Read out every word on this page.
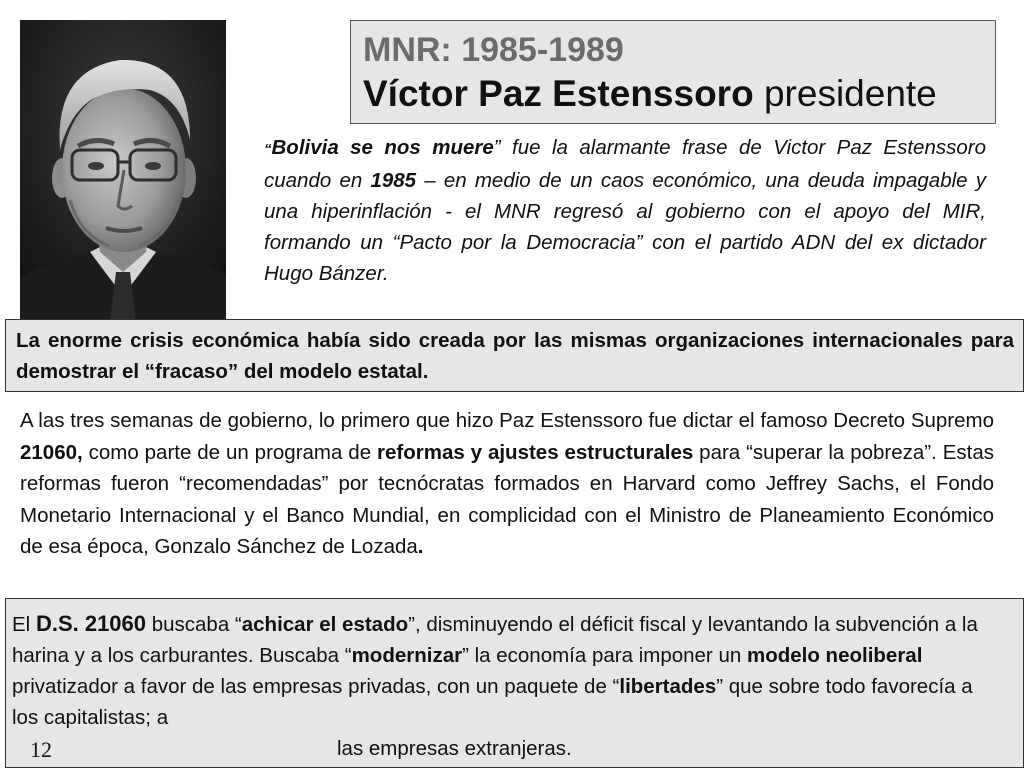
MNR: 1985-1989
Víctor Paz Estenssoro presidente

“Bolivia se nos muere” fue la alarmante frase de Victor Paz Estenssoro cuando en 1985 – en medio de un caos económico, una deuda impagable y una hiperinflación - el MNR regresó al gobierno con el apoyo del MIR, formando un “Pacto por la Democracia” con el partido ADN del ex dictador Hugo Bánzer.

La enorme crisis económica había sido creada por las mismas organizaciones internacionales para demostrar el “fracaso” del modelo estatal.

A las tres semanas de gobierno, lo primero que hizo Paz Estenssoro fue dictar el famoso Decreto Supremo 21060, como parte de un programa de reformas y ajustes estructurales para “superar la pobreza”. Estas reformas fueron “recomendadas” por tecnócratas formados en Harvard como Jeffrey Sachs, el Fondo Monetario Internacional y el Banco Mundial, en complicidad con el Ministro de Planeamiento Económico de esa época, Gonzalo Sánchez de Lozada.

El D.S. 21060 buscaba “achicar el estado”, disminuyendo el déficit fiscal y levantando la subvención a la harina y a los carburantes. Buscaba “modernizar” la economía para imponer un modelo neoliberal privatizador a favor de las empresas privadas, con un paquete de “libertades” que sobre todo favorecía a los capitalistas; a
las empresas extranjeras.
12
